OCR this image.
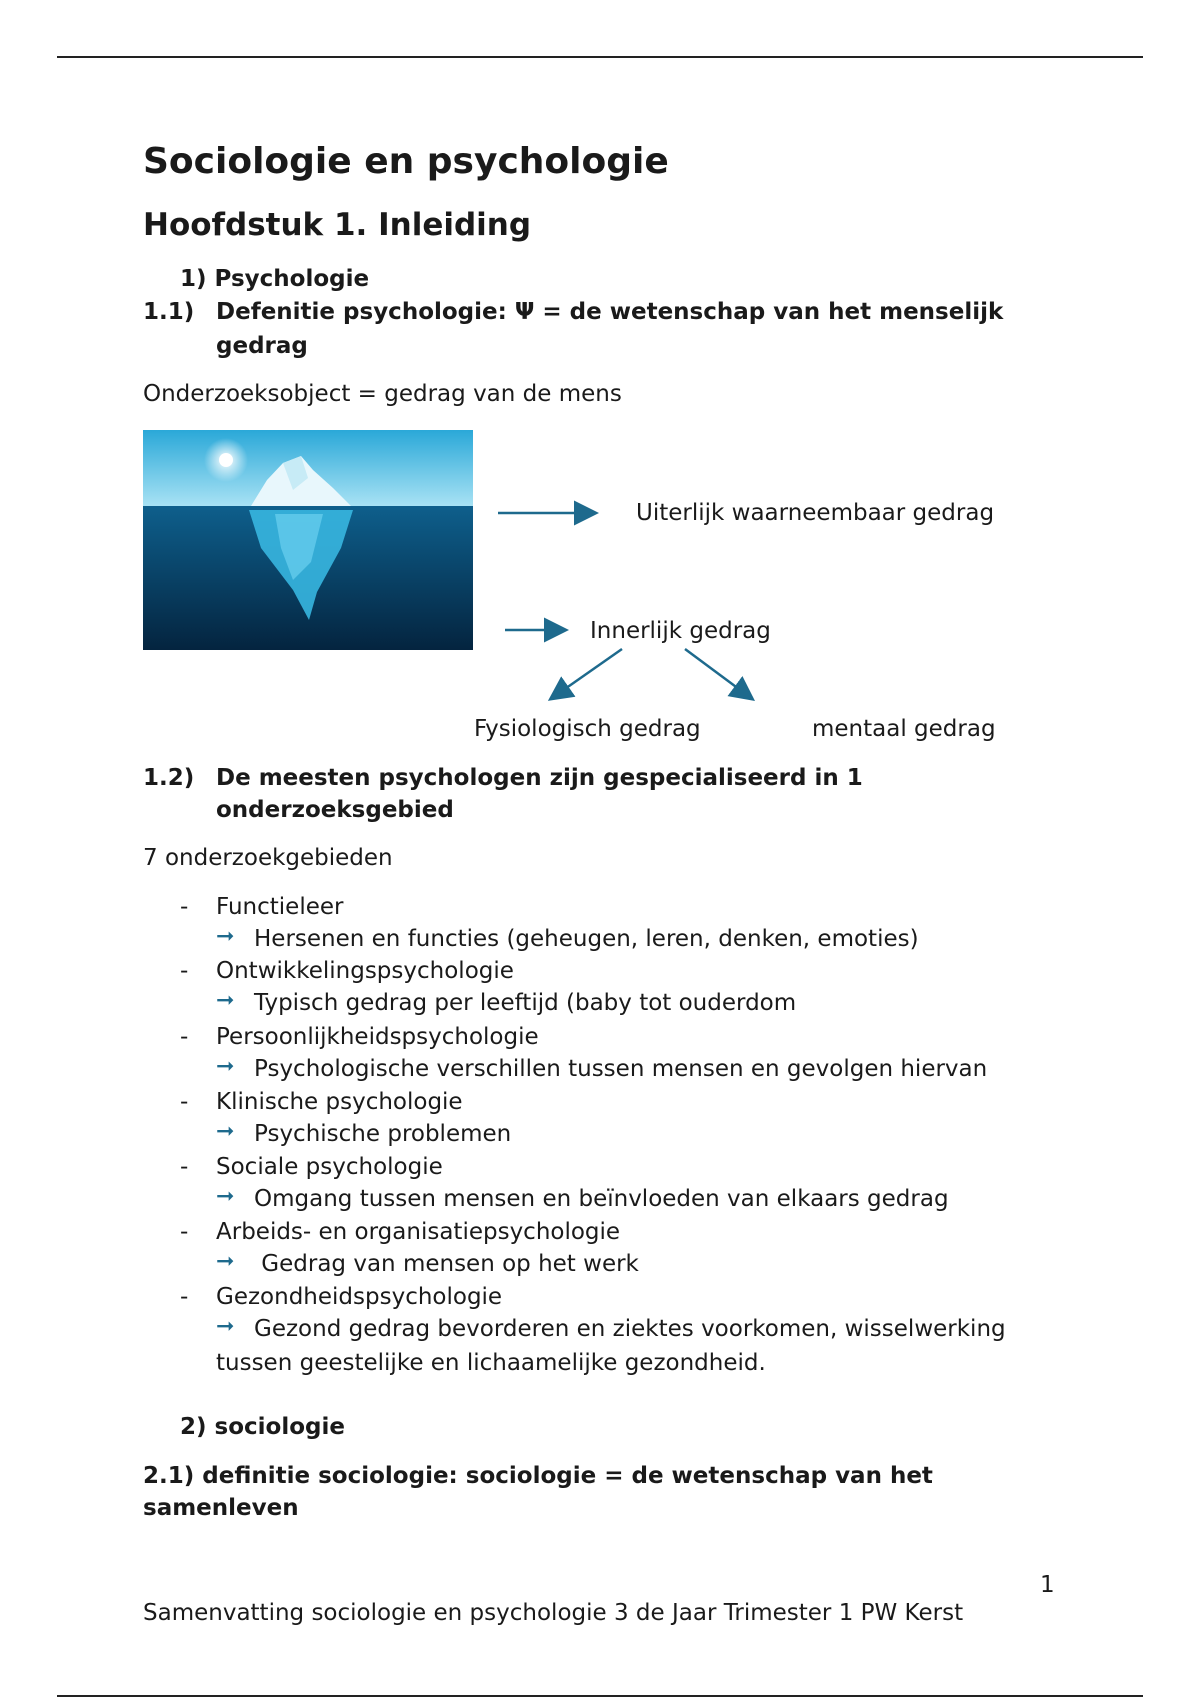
Sociologie en psychologie
Hoofdstuk 1. Inleiding
1) Psychologie
1.1) Defenitie psychologie: Ψ = de wetenschap van het menselijk
gedrag
Onderzoeksobject = gedrag van de mens
Uiterlijk waarneembaar gedrag
Innerlijk gedrag
Fysiologisch gedrag	mentaal gedrag
1.2) De meesten psychologen zijn gespecialiseerd in 1
onderzoeksgebied
7 onderzoekgebieden
- Functieleer
➞ Hersenen en functies (geheugen, leren, denken, emoties)
- Ontwikkelingspsychologie
➞ Typisch gedrag per leeftijd (baby tot ouderdom
- Persoonlijkheidspsychologie
➞ Psychologische verschillen tussen mensen en gevolgen hiervan
- Klinische psychologie
➞ Psychische problemen
- Sociale psychologie
➞ Omgang tussen mensen en beïnvloeden van elkaars gedrag
- Arbeids- en organisatiepsychologie
➞ Gedrag van mensen op het werk
- Gezondheidspsychologie
➞ Gezond gedrag bevorderen en ziektes voorkomen, wisselwerking
tussen geestelijke en lichaamelijke gezondheid.
2) sociologie
2.1) definitie sociologie: sociologie = de wetenschap van het
samenleven
1
Samenvatting sociologie en psychologie 3 de Jaar Trimester 1 PW Kerst
